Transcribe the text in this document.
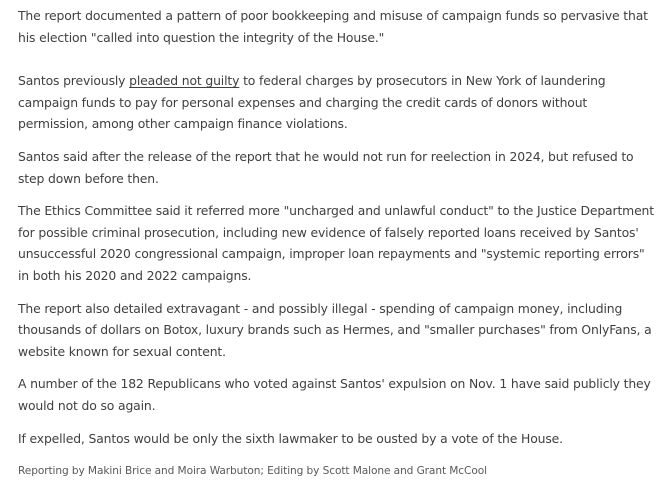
The report documented a pattern of poor bookkeeping and misuse of campaign funds so pervasive that his election "called into question the integrity of the House."

Santos previously pleaded not guilty to federal charges by prosecutors in New York of laundering campaign funds to pay for personal expenses and charging the credit cards of donors without permission, among other campaign finance violations.

Santos said after the release of the report that he would not run for reelection in 2024, but refused to step down before then.

The Ethics Committee said it referred more "uncharged and unlawful conduct" to the Justice Department for possible criminal prosecution, including new evidence of falsely reported loans received by Santos' unsuccessful 2020 congressional campaign, improper loan repayments and "systemic reporting errors" in both his 2020 and 2022 campaigns.

The report also detailed extravagant - and possibly illegal - spending of campaign money, including thousands of dollars on Botox, luxury brands such as Hermes, and "smaller purchases" from OnlyFans, a website known for sexual content.

A number of the 182 Republicans who voted against Santos' expulsion on Nov. 1 have said publicly they would not do so again.

If expelled, Santos would be only the sixth lawmaker to be ousted by a vote of the House.

Reporting by Makini Brice and Moira Warbuton; Editing by Scott Malone and Grant McCool
